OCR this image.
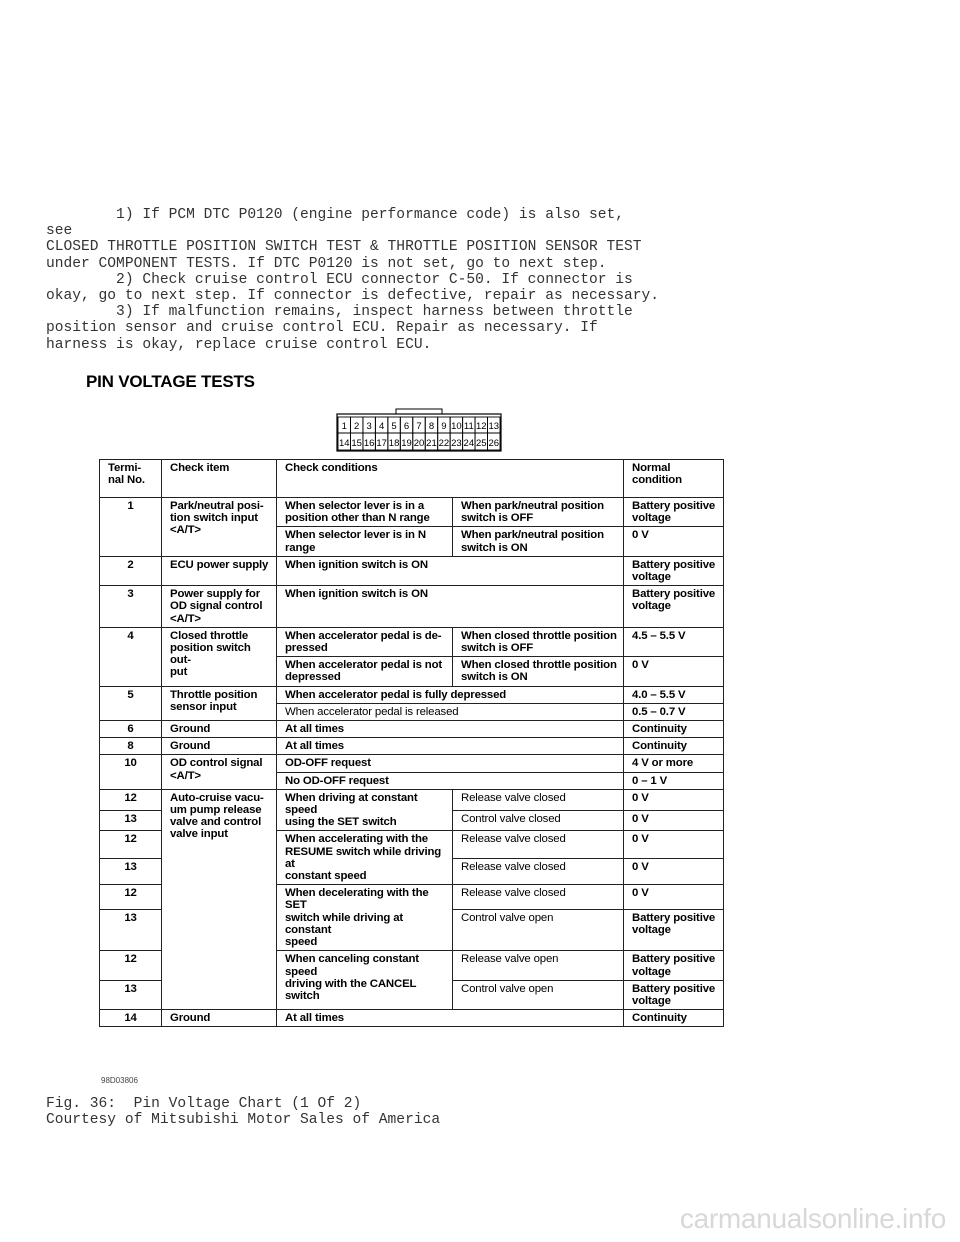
1) If PCM DTC P0120 (engine performance code) is also set,
see
CLOSED THROTTLE POSITION SWITCH TEST & THROTTLE POSITION SENSOR TEST
under COMPONENT TESTS. If DTC P0120 is not set, go to next step.
2) Check cruise control ECU connector C-50. If connector is
okay, go to next step. If connector is defective, repair as necessary.
3) If malfunction remains, inspect harness between throttle
position sensor and cruise control ECU. Repair as necessary. If
harness is okay, replace cruise control ECU.

PIN VOLTAGE TESTS
1 2 3 4 5 6 7 8 9 10 11 12 13
14 15 16 17 18 19 20 21 22 23 24 25 26
Termi-
nal No.	Check item	Check conditions		Normal
condition
1	Park/neutral posi-
tion switch input
<A/T>	When selector lever is in a
position other than N range	When park/neutral position
switch is OFF	Battery positive
voltage
		When selector lever is in N range	When park/neutral position
switch is ON	0 V
2	ECU power supply	When ignition switch is ON		Battery positive
voltage
3	Power supply for
OD signal control
<A/T>	When ignition switch is ON		Battery positive
voltage
4	Closed throttle
position switch out-
put	When accelerator pedal is de-
pressed	When closed throttle position
switch is OFF	4.5 – 5.5 V
		When accelerator pedal is not
depressed	When closed throttle position
switch is ON	0 V
5	Throttle position
sensor input	When accelerator pedal is fully depressed		4.0 – 5.5 V
		When accelerator pedal is released		0.5 – 0.7 V
6	Ground	At all times		Continuity
8	Ground	At all times		Continuity
10	OD control signal
<A/T>	OD-OFF request		4 V or more
		No OD-OFF request		0 – 1 V
12	Auto-cruise vacu-
um pump release
valve and control
valve input	When driving at constant speed
using the SET switch	Release valve closed	0 V
13			Control valve closed	0 V
12		When accelerating with the
RESUME switch while driving at
constant speed	Release valve closed	0 V
13			Release valve closed	0 V
12		When decelerating with the SET
switch while driving at constant
speed	Release valve closed	0 V
13			Control valve open	Battery positive
voltage
12		When canceling constant speed
driving with the CANCEL switch	Release valve open	Battery positive
voltage
13			Control valve open	Battery positive
voltage
14	Ground	At all times		Continuity
98D03806
Fig. 36:  Pin Voltage Chart (1 Of 2)
Courtesy of Mitsubishi Motor Sales of America

carmanualsonline.info
